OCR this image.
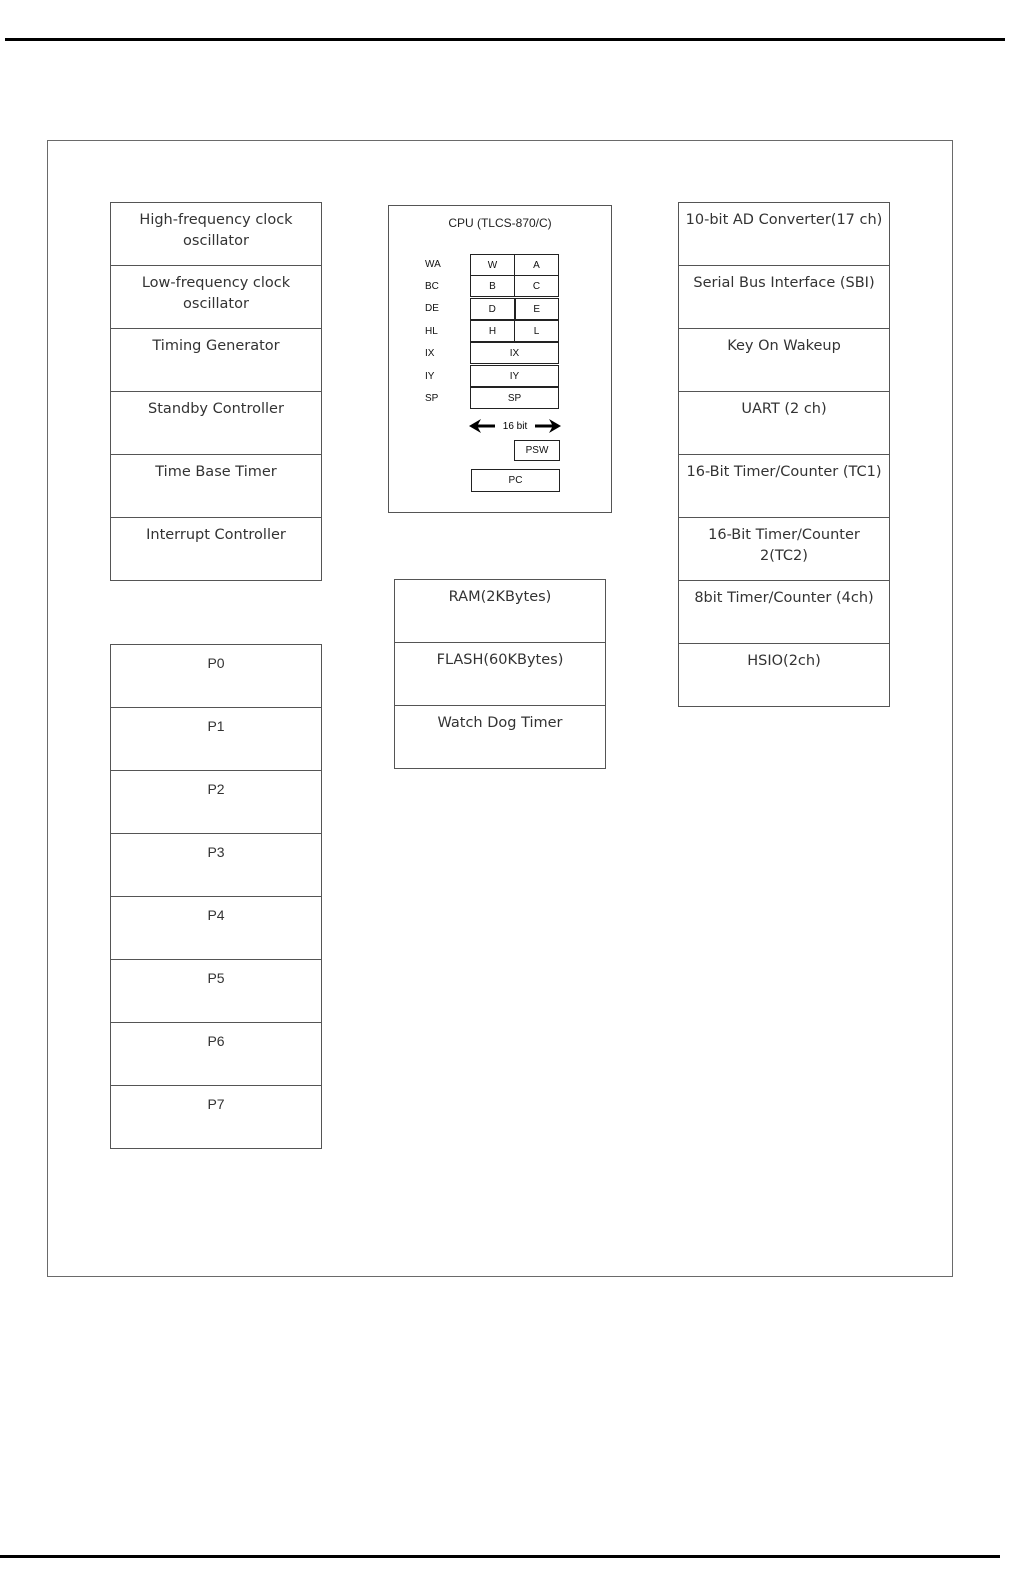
High-frequency clock oscillator
Low-frequency clock oscillator
Timing Generator
Standby Controller
Time Base Timer
Interrupt Controller
P0
P1
P2
P3
P4
P5
P6
P7
CPU (TLCS-870/C)
WA	W	A
BC	B	C
DE	D	E
HL	H	L
IX	IX
IY	IY
SP	SP
16 bit
PSW
PC
RAM(2KBytes)
FLASH(60KBytes)
Watch Dog Timer
10-bit AD Converter(17 ch)
Serial Bus Interface (SBI)
Key On Wakeup
UART (2 ch)
16-Bit Timer/Counter (TC1)
16-Bit Timer/Counter 2(TC2)
8bit Timer/Counter (4ch)
HSIO(2ch)
